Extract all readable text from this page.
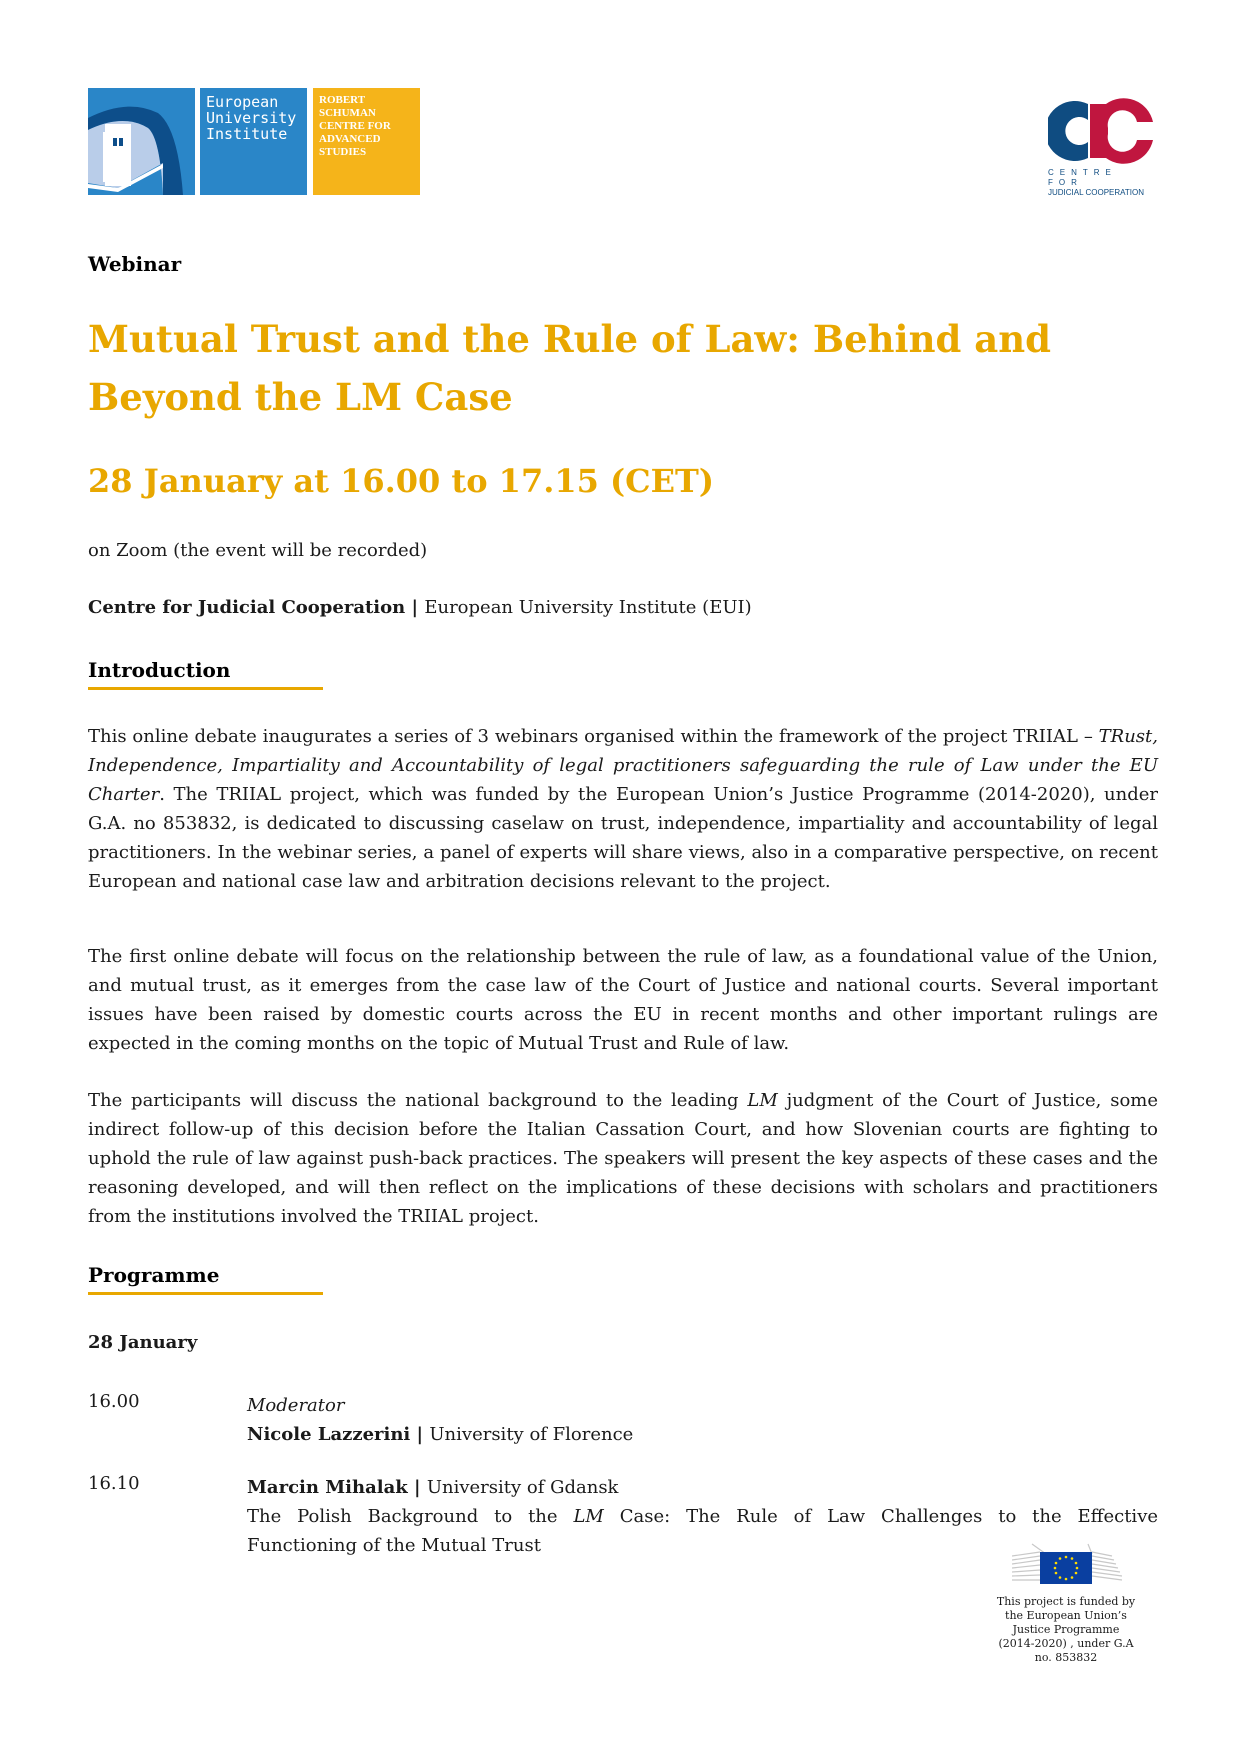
European
University
Institute
ROBERT
SCHUMAN
CENTRE FOR
ADVANCED
STUDIES
CENTRE FOR
JUDICIAL COOPERATION
Webinar
Mutual Trust and the Rule of Law: Behind and Beyond the LM Case
28 January at 16.00 to 17.15 (CET)
on Zoom (the event will be recorded)
Centre for Judicial Cooperation | European University Institute (EUI)
Introduction
This online debate inaugurates a series of 3 webinars organised within the framework of the project TRIIAL – TRust, Independence, Impartiality and Accountability of legal practitioners safeguarding the rule of Law under the EU Charter. The TRIIAL project, which was funded by the European Union’s Justice Programme (2014-2020), under G.A. no 853832, is dedicated to discussing caselaw on trust, independence, impartiality and accountability of legal practitioners. In the webinar series, a panel of experts will share views, also in a comparative perspective, on recent European and national case law and arbitration decisions relevant to the project.
The first online debate will focus on the relationship between the rule of law, as a foundational value of the Union, and mutual trust, as it emerges from the case law of the Court of Justice and national courts. Several important issues have been raised by domestic courts across the EU in recent months and other important rulings are expected in the coming months on the topic of Mutual Trust and Rule of law.
The participants will discuss the national background to the leading LM judgment of the Court of Justice, some indirect follow-up of this decision before the Italian Cassation Court, and how Slovenian courts are fighting to uphold the rule of law against push-back practices. The speakers will present the key aspects of these cases and the reasoning developed, and will then reflect on the implications of these decisions with scholars and practitioners from the institutions involved the TRIIAL project.
Programme
28 January
16.00	Moderator
Nicole Lazzerini | University of Florence
16.10	Marcin Mihalak | University of Gdansk
The Polish Background to the LM Case: The Rule of Law Challenges to the Effective
Functioning of the Mutual Trust
This project is funded by
the European Union’s
Justice Programme
(2014-2020) , under G.A
no. 853832
